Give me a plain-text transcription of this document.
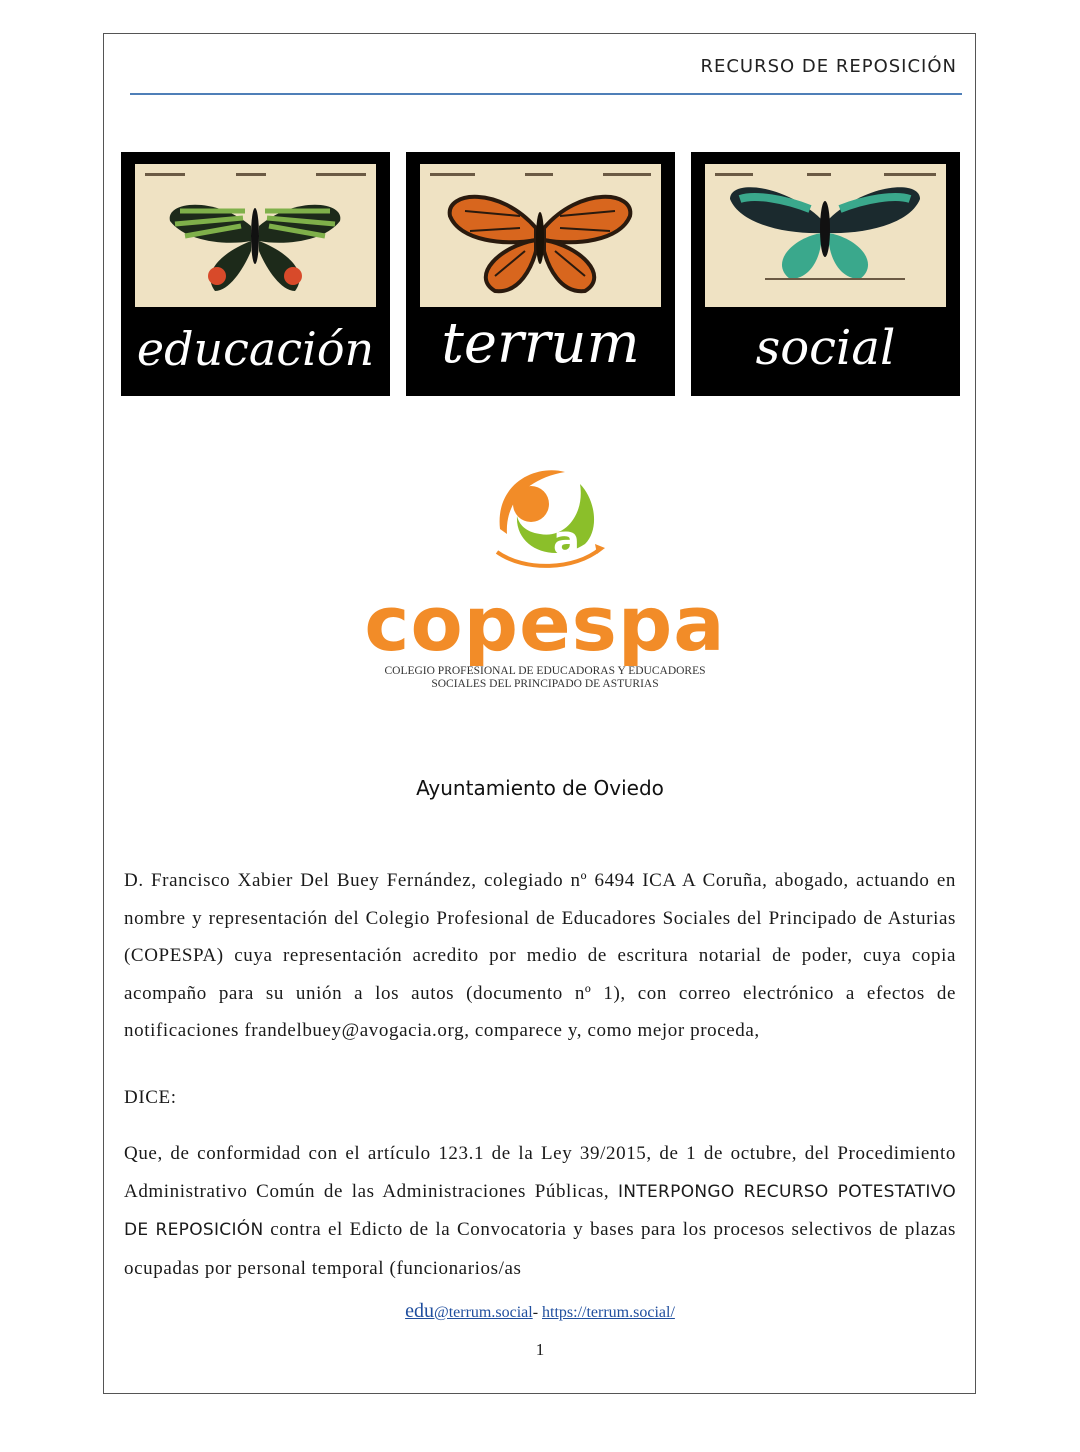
RECURSO DE REPOSICIÓN
educación	terrum	social
a
copespa
COLEGIO PROFESIONAL DE EDUCADORAS Y EDUCADORES
SOCIALES DEL PRINCIPADO DE ASTURIAS
Ayuntamiento de Oviedo
D. Francisco Xabier Del Buey Fernández, colegiado nº 6494 ICA A Coruña, abogado, actuando en nombre y representación del Colegio Profesional de Educadores Sociales del Principado de Asturias (COPESPA) cuya representación acredito por medio de escritura notarial de poder, cuya copia acompaño para su unión a los autos (documento nº 1), con correo electrónico a efectos de notificaciones frandelbuey@avogacia.org, comparece y, como mejor proceda,
DICE:
Que, de conformidad con el artículo 123.1 de la Ley 39/2015, de 1 de octubre, del Procedimiento Administrativo Común de las Administraciones Públicas, INTERPONGO RECURSO POTESTATIVO DE REPOSICIÓN contra el Edicto de la Convocatoria y bases para los procesos selectivos de plazas ocupadas por personal temporal (funcionarios/as
edu@terrum.social- https://terrum.social/
1
